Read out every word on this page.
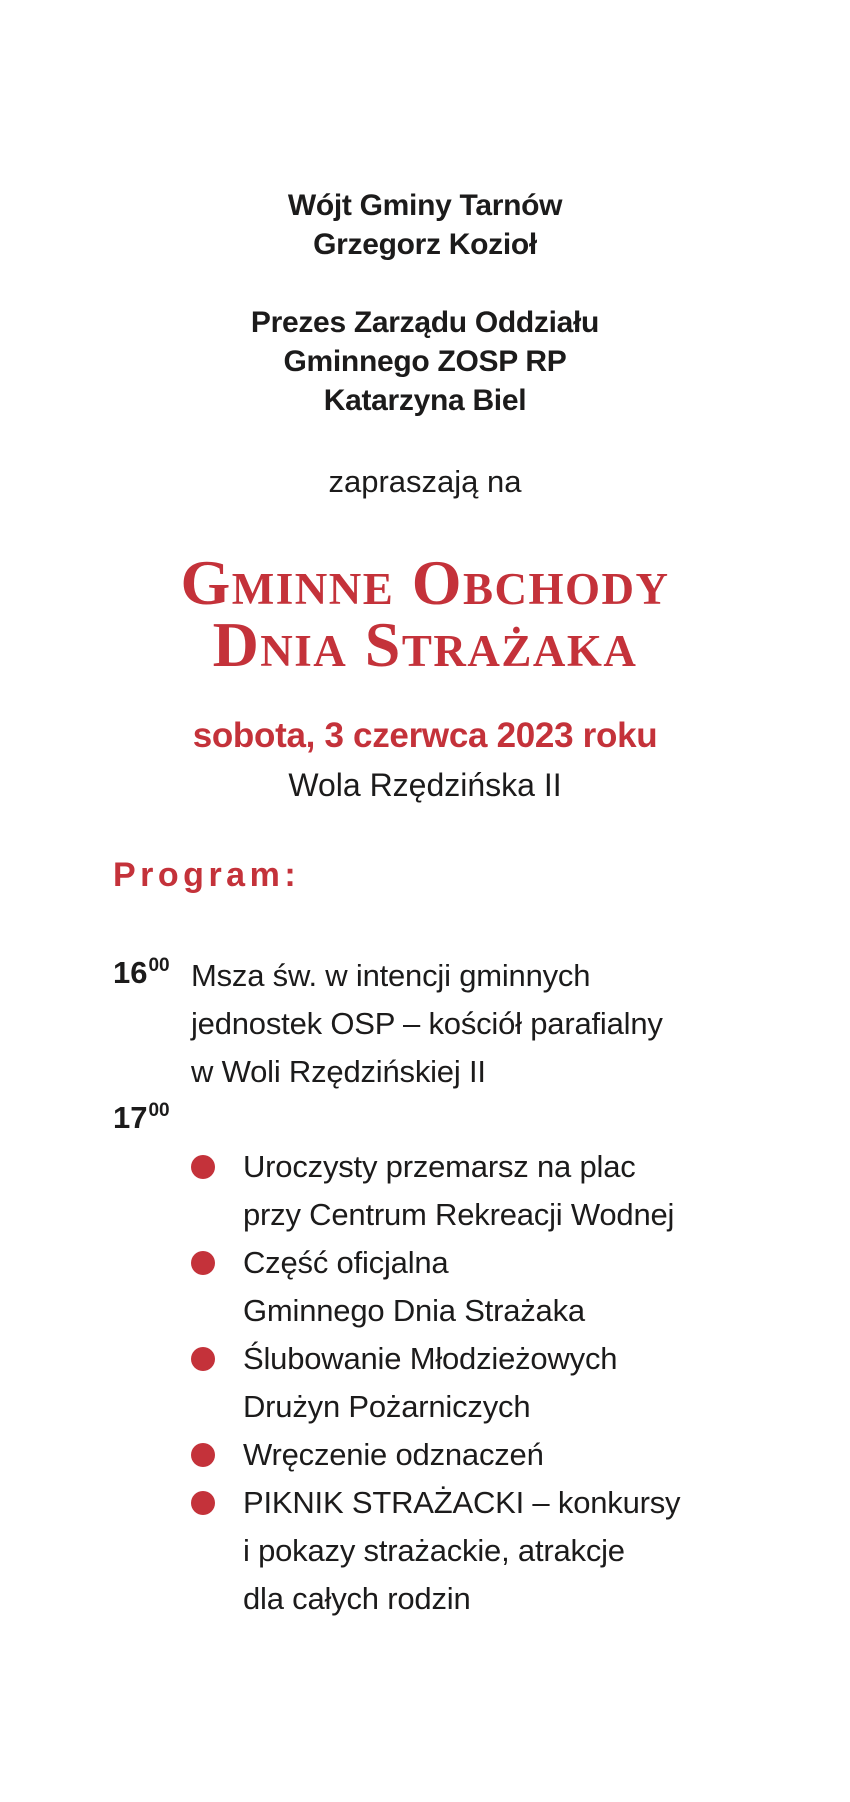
Wójt Gminy Tarnów
Grzegorz Kozioł
Prezes Zarządu Oddziału
Gminnego ZOSP RP
Katarzyna Biel
zapraszają na
Gminne Obchody
Dnia Strażaka
sobota, 3 czerwca 2023 roku
Wola Rzędzińska II
Program:
$16^{00}$ Msza św. w intencji gminnych
jednostek OSP – kościół parafialny
w Woli Rzędzińskiej II
$17^{00}$
Uroczysty przemarsz na plac
przy Centrum Rekreacji Wodnej
Część oficjalna
Gminnego Dnia Strażaka
Ślubowanie Młodzieżowych
Drużyn Pożarniczych
Wręczenie odznaczeń
PIKNIK STRAŻACKI – konkursy
i pokazy strażackie, atrakcje
dla całych rodzin
